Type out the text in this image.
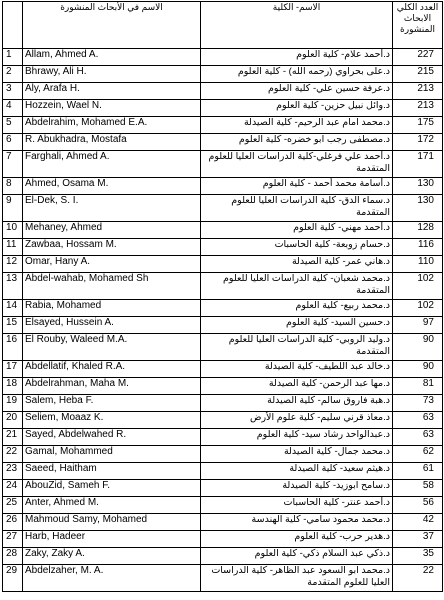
	الاسم في الأبحاث المنشورة	الاسم- الكلية	العدد الكلي الابحاث المنشورة
1	Allam, Ahmed A.	د.أحمد علام- كلية العلوم	227
2	Bhrawy, Ali H.	د.على بحراوي (رحمه الله) - كلية العلوم	215
3	Aly, Arafa H.	د.عرفة حسين علي- كلية العلوم	213
4	Hozzein, Wael N.	د.وائل نبيل حزين- كلية العلوم	213
5	Abdelrahim, Mohamed E.A.	د.محمد امام عبد الرحيم- كلية الصيدلة	175
6	R. Abukhadra, Mostafa	د.مصطفى رجب ابو خضره- كلية العلوم	172
7	Farghali, Ahmed A.	د.أحمد علي فرغلي-كلية الدراسات العليا للعلوم المتقدمة	171
8	Ahmed, Osama M.	د.أسامة محمد أحمد - كلية العلوم	130
9	El-Dek, S. I.	د.سماء الدق- كلية الدراسات العليا للعلوم المتقدمة	130
10	Mehaney, Ahmed	د.أحمد مهني- كلية العلوم	128
11	Zawbaa, Hossam M.	د.حسام زوبعة- كلية الحاسبات	116
12	Omar, Hany A.	د.هاني عمر- كلية الصيدلة	110
13	Abdel-wahab, Mohamed Sh	د.محمد شعبان- كلية الدراسات العليا للعلوم المتقدمة	102
14	Rabia, Mohamed	د.محمد ربيع- كلية العلوم	102
15	Elsayed, Hussein A.	د.حسين السيد- كلية العلوم	97
16	El Rouby, Waleed M.A.	د.وليد الروبي- كلية الدراسات العليا للعلوم المتقدمة	90
17	Abdellatif, Khaled R.A.	د.خالد عبد اللطيف- كلية الصيدلة	90
18	Abdelrahman, Maha M.	د.مها عبد الرحمن- كلية الصيدلة	81
19	Salem, Heba F.	د.هبة فاروق سالم- كلية الصيدلة	73
20	Seliem, Moaaz K.	د.معاذ قرني سليم- كلية علوم الأرض	63
21	Sayed, Abdelwahed R.	د.عبدالواحد رشاد سيد- كلية العلوم	63
22	Gamal, Mohammed	د.محمد جمال- كلية الصيدلة	62
23	Saeed, Haitham	د.هيثم سعيد- كلية الصيدلة	61
24	AbouZid, Sameh F.	د.سامح ابوزيد- كلية الصيدلة	58
25	Anter, Ahmed M.	د.أحمد عنتر- كلية الحاسبات	56
26	Mahmoud Samy, Mohamed	د.محمد محمود سامي- كلية الهندسة	42
27	Harb, Hadeer	د.هدير حرب- كلية العلوم	37
28	Zaky, Zaky A.	د.ذكي عبد السلام ذكي- كلية العلوم	35
29	Abdelzaher, M. A.	د.محمد ابو السعود عبد الظاهر- كلية الدراسات العليا للعلوم المتقدمة	22
